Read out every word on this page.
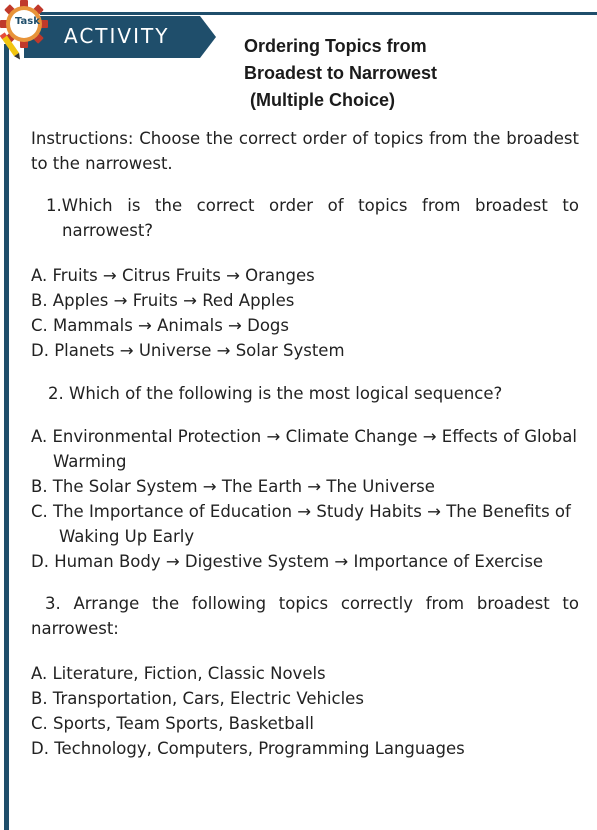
ACTIVITY
Task
Ordering Topics from
Broadest to Narrowest
(Multiple Choice)

Instructions: Choose the correct order of topics from the broadest to the narrowest.

1.Which is the correct order of topics from broadest to narrowest?
A. Fruits → Citrus Fruits → Oranges
B. Apples → Fruits → Red Apples
C. Mammals → Animals → Dogs
D. Planets → Universe → Solar System
2. Which of the following is the most logical sequence?
A. Environmental Protection → Climate Change → Effects of Global Warming
B. The Solar System → The Earth → The Universe
C. The Importance of Education → Study Habits → The Benefits of Waking Up Early
D. Human Body → Digestive System → Importance of Exercise
3. Arrange the following topics correctly from broadest to narrowest:
A. Literature, Fiction, Classic Novels
B. Transportation, Cars, Electric Vehicles
C. Sports, Team Sports, Basketball
D. Technology, Computers, Programming Languages
